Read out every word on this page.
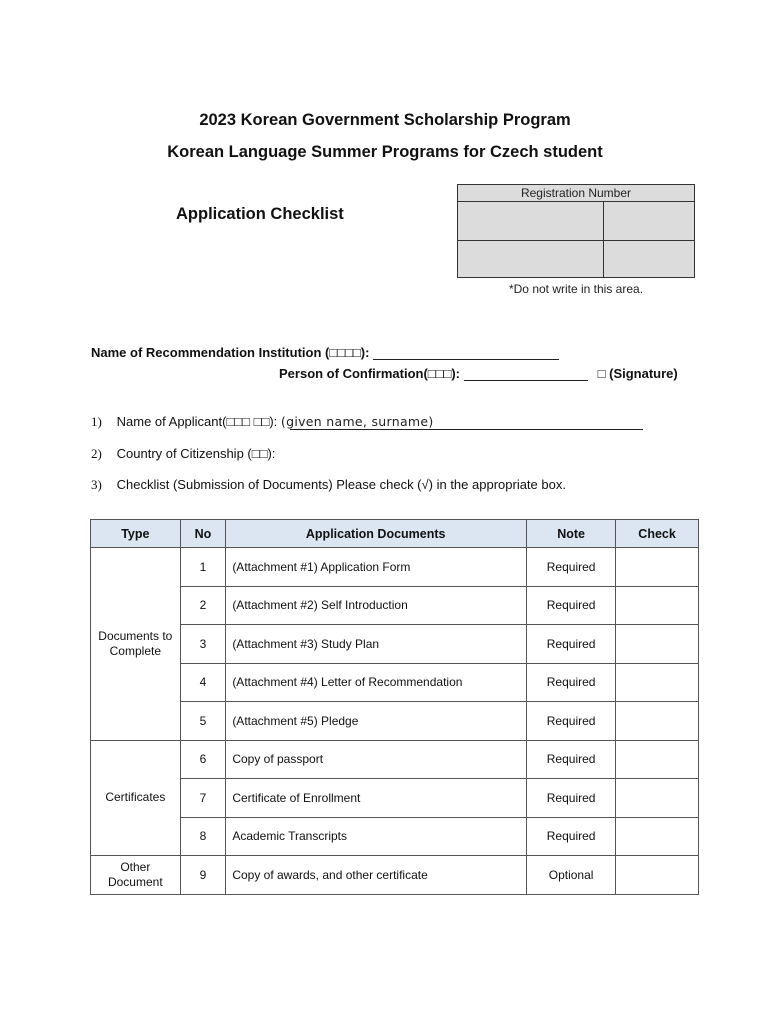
2023 Korean Government Scholarship Program
Korean Language Summer Programs for Czech student
Application Checklist
Registration Number
*Do not write in this area.
Name of Recommendation Institution (□□□□):
Person of Confirmation(□□□):	□ (Signature)
1) Name of Applicant(□□□ □□): (given name, surname)
2) Country of Citizenship (□□):
3) Checklist (Submission of Documents) Please check (√) in the appropriate box.
Type	No	Application Documents	Note	Check
Documents to Complete	1	(Attachment #1) Application Form	Required	
	2	(Attachment #2) Self Introduction	Required	
	3	(Attachment #3) Study Plan	Required	
	4	(Attachment #4) Letter of Recommendation	Required	
	5	(Attachment #5) Pledge	Required	
Certificates	6	Copy of passport	Required	
	7	Certificate of Enrollment	Required	
	8	Academic Transcripts	Required	
Other Document	9	Copy of awards, and other certificate	Optional	
